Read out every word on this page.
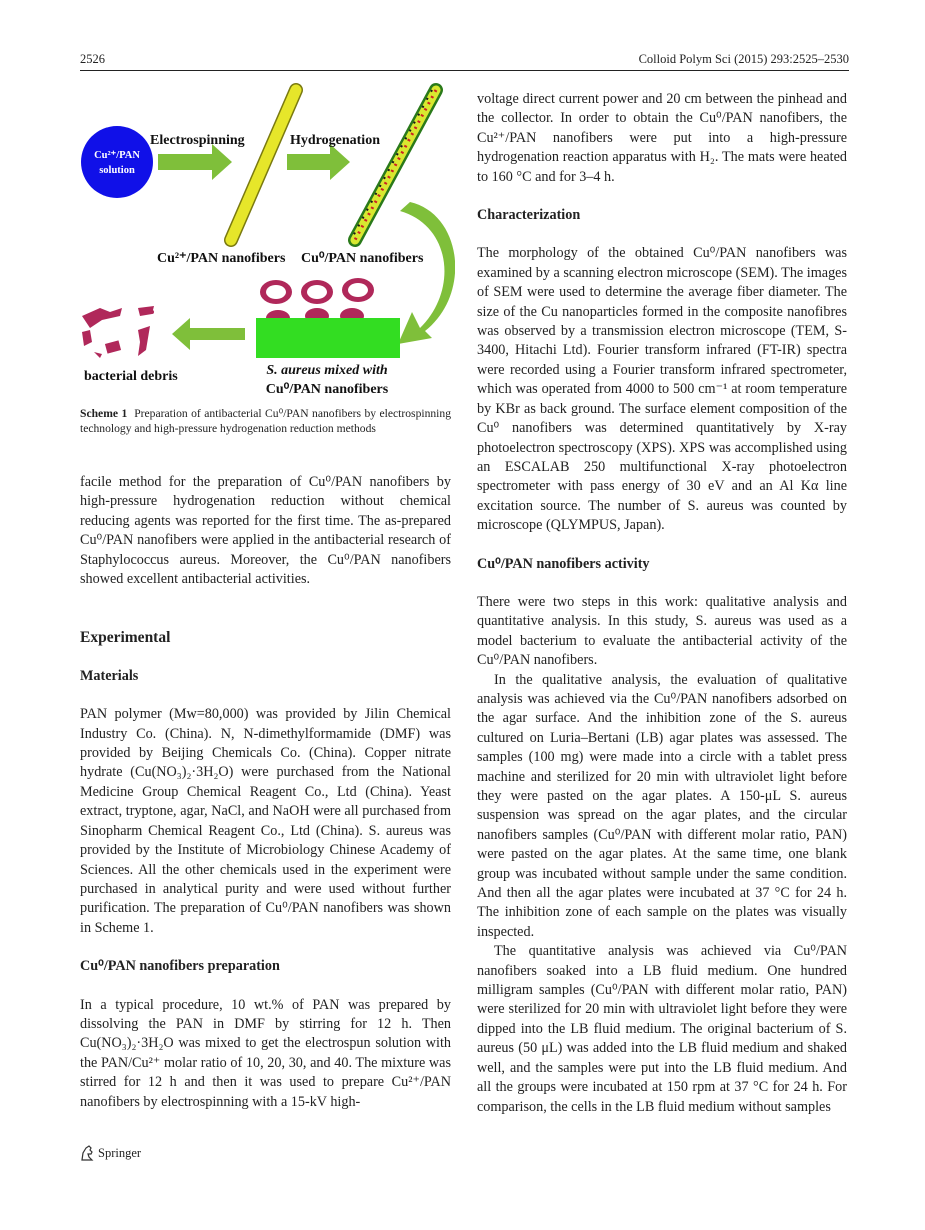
2526	Colloid Polym Sci (2015) 293:2525–2530
Cu²⁺/PAN
solution
Electrospinning	Hydrogenation
Cu²⁺/PAN nanofibers Cu⁰/PAN nanofibers
bacterial debris	S. aureus mixed with
Cu⁰/PAN nanofibers

Scheme 1 Preparation of antibacterial Cu⁰/PAN nanofibers by electrospinning technology and high-pressure hydrogenation reduction methods

facile method for the preparation of Cu⁰/PAN nanofibers by high-pressure hydrogenation reduction without chemical reducing agents was reported for the first time. The as-prepared Cu⁰/PAN nanofibers were applied in the antibacterial research of Staphylococcus aureus. Moreover, the Cu⁰/PAN nanofibers showed excellent antibacterial activities.

Experimental
Materials

PAN polymer (Mw=80,000) was provided by Jilin Chemical Industry Co. (China). N, N-dimethylformamide (DMF) was provided by Beijing Chemicals Co. (China). Copper nitrate hydrate (Cu(NO₃)₂·3H₂O) were purchased from the National Medicine Group Chemical Reagent Co., Ltd (China). Yeast extract, tryptone, agar, NaCl, and NaOH were all purchased from Sinopharm Chemical Reagent Co., Ltd (China). S. aureus was provided by the Institute of Microbiology Chinese Academy of Sciences. All the other chemicals used in the experiment were purchased in analytical purity and were used without further purification. The preparation of Cu⁰/PAN nanofibers was shown in Scheme 1.

Cu⁰/PAN nanofibers preparation

In a typical procedure, 10 wt.% of PAN was prepared by dissolving the PAN in DMF by stirring for 12 h. Then Cu(NO₃)₂·3H₂O was mixed to get the electrospun solution with the PAN/Cu²⁺ molar ratio of 10, 20, 30, and 40. The mixture was stirred for 12 h and then it was used to prepare Cu²⁺/PAN nanofibers by electrospinning with a 15-kV high-

voltage direct current power and 20 cm between the pinhead and the collector. In order to obtain the Cu⁰/PAN nanofibers, the Cu²⁺/PAN nanofibers were put into a high-pressure hydrogenation reaction apparatus with H₂. The mats were heated to 160 °C and for 3–4 h.

Characterization

The morphology of the obtained Cu⁰/PAN nanofibers was examined by a scanning electron microscope (SEM). The images of SEM were used to determine the average fiber diameter. The size of the Cu nanoparticles formed in the composite nanofibres was observed by a transmission electron microscope (TEM, S-3400, Hitachi Ltd). Fourier transform infrared (FT-IR) spectra were recorded using a Fourier transform infrared spectrometer, which was operated from 4000 to 500 cm⁻¹ at room temperature by KBr as back ground. The surface element composition of the Cu⁰ nanofibers was determined quantitatively by X-ray photoelectron spectroscopy (XPS). XPS was accomplished using an ESCALAB 250 multifunctional X-ray photoelectron spectrometer with pass energy of 30 eV and an Al Kα line excitation source. The number of S. aureus was counted by microscope (QLYMPUS, Japan).

Cu⁰/PAN nanofibers activity

There were two steps in this work: qualitative analysis and quantitative analysis. In this study, S. aureus was used as a model bacterium to evaluate the antibacterial activity of the Cu⁰/PAN nanofibers.

In the qualitative analysis, the evaluation of qualitative analysis was achieved via the Cu⁰/PAN nanofibers adsorbed on the agar surface. And the inhibition zone of the S. aureus cultured on Luria–Bertani (LB) agar plates was assessed. The samples (100 mg) were made into a circle with a tablet press machine and sterilized for 20 min with ultraviolet light before they were pasted on the agar plates. A 150-μL S. aureus suspension was spread on the agar plates, and the circular nanofibers samples (Cu⁰/PAN with different molar ratio, PAN) were pasted on the agar plates. At the same time, one blank group was incubated without sample under the same condition. And then all the agar plates were incubated at 37 °C for 24 h. The inhibition zone of each sample on the plates was visually inspected.

The quantitative analysis was achieved via Cu⁰/PAN nanofibers soaked into a LB fluid medium. One hundred milligram samples (Cu⁰/PAN with different molar ratio, PAN) were sterilized for 20 min with ultraviolet light before they were dipped into the LB fluid medium. The original bacterium of S. aureus (50 μL) was added into the LB fluid medium and shaked well, and the samples were put into the LB fluid medium. And all the groups were incubated at 150 rpm at 37 °C for 24 h. For comparison, the cells in the LB fluid medium without samples

Springer
